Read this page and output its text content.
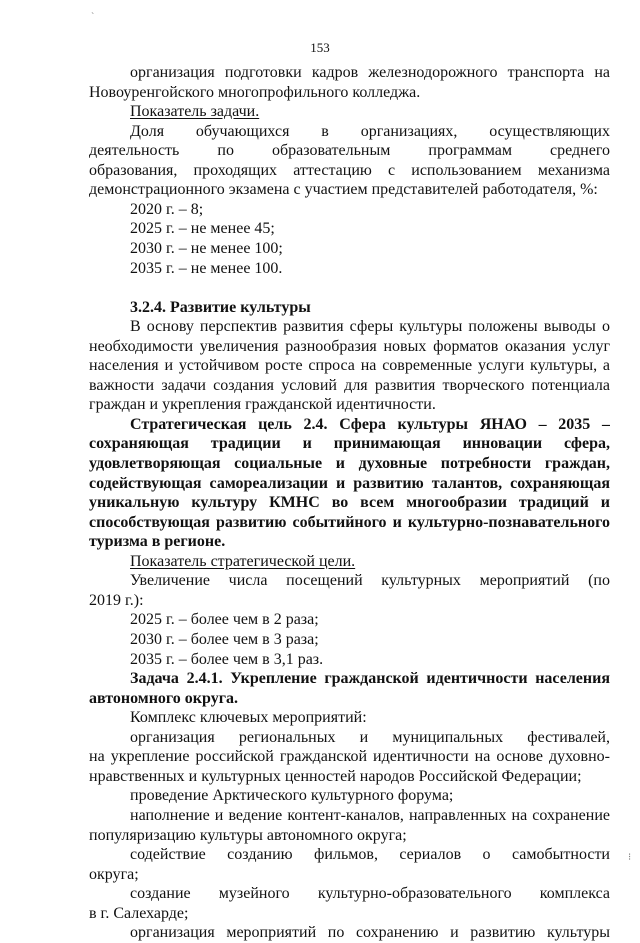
ˋ
153
организация подготовки кадров железнодорожного транспорта на
Новоуренгойского многопрофильного колледжа.
Показатель задачи.
Доля обучающихся в организациях, осуществляющих
деятельность по образовательным программам среднего
образования, проходящих аттестацию с использованием механизма
демонстрационного экзамена с участием представителей работодателя, %:
2020 г. – 8;
2025 г. – не менее 45;
2030 г. – не менее 100;
2035 г. – не менее 100.
3.2.4. Развитие культуры
В основу перспектив развития сферы культуры положены выводы о
необходимости увеличения разнообразия новых форматов оказания услуг
населения и устойчивом росте спроса на современные услуги культуры, а
важности задачи создания условий для развития творческого потенциала
граждан и укрепления гражданской идентичности.
Стратегическая цель 2.4. Сфера культуры ЯНАО – 2035 –
сохраняющая традиции и принимающая инновации сфера,
удовлетворяющая социальные и духовные потребности граждан,
содействующая самореализации и развитию талантов, сохраняющая
уникальную культуру КМНС во всем многообразии традиций и
способствующая развитию событийного и культурно-познавательного
туризма в регионе.
Показатель стратегической цели.
Увеличение числа посещений культурных мероприятий (по
2019 г.):
2025 г. – более чем в 2 раза;
2030 г. – более чем в 3 раза;
2035 г. – более чем в 3,1 раз.
Задача 2.4.1. Укрепление гражданской идентичности населения
автономного округа.
Комплекс ключевых мероприятий:
организация региональных и муниципальных фестивалей,
на укрепление российской гражданской идентичности на основе духовно-
нравственных и культурных ценностей народов Российской Федерации;
проведение Арктического культурного форума;
наполнение и ведение контент-каналов, направленных на сохранение
популяризацию культуры автономного округа;
содействие созданию фильмов, сериалов о самобытности
округа;
создание музейного культурно-образовательного комплекса
в г. Салехарде;
организация мероприятий по сохранению и развитию культуры
⁝
